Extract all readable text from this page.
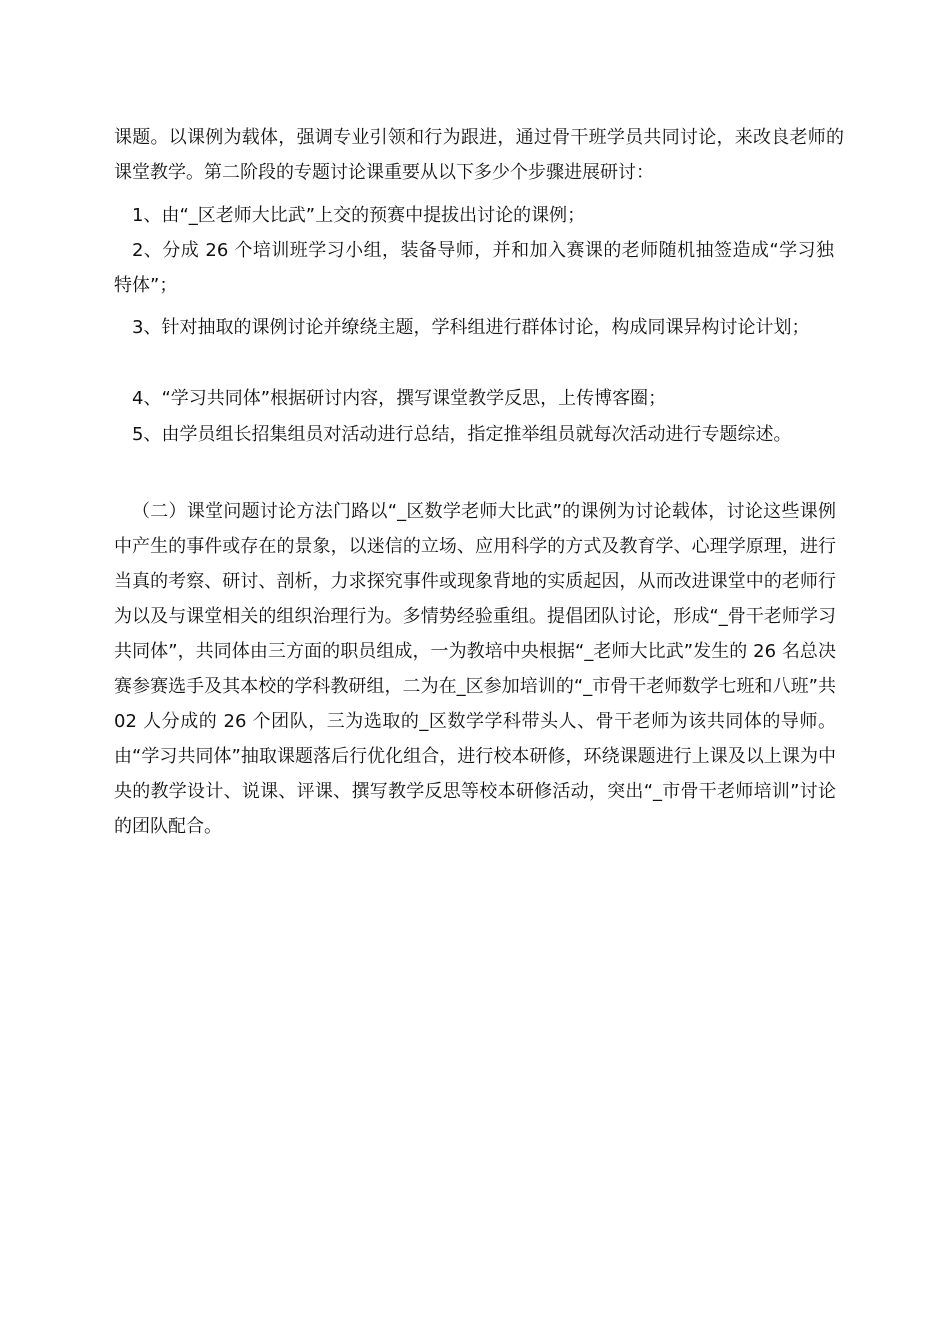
课题。以课例为载体，强调专业引领和行为跟进，通过骨干班学员共同讨论，来改良老师的课堂教学。第二阶段的专题讨论课重要从以下多少个步骤进展研讨：

1、由“_区老师大比武”上交的预赛中提拔出讨论的课例；

2、分成 26 个培训班学习小组，装备导师，并和加入赛课的老师随机抽签造成“学习独特体”；

3、针对抽取的课例讨论并缭绕主题，学科组进行群体讨论，构成同课异构讨论计划；

4、“学习共同体”根据研讨内容，撰写课堂教学反思，上传博客圈；

5、由学员组长招集组员对活动进行总结，指定推举组员就每次活动进行专题综述。

（二）课堂问题讨论方法门路以“_区数学老师大比武”的课例为讨论载体，讨论这些课例中产生的事件或存在的景象，以迷信的立场、应用科学的方式及教育学、心理学原理，进行当真的考察、研讨、剖析，力求探究事件或现象背地的实质起因，从而改进课堂中的老师行为以及与课堂相关的组织治理行为。多情势经验重组。提倡团队讨论，形成“_骨干老师学习共同体”，共同体由三方面的职员组成，一为教培中央根据“_老师大比武”发生的 26 名总决赛参赛选手及其本校的学科教研组，二为在_区参加培训的“_市骨干老师数学七班和八班”共 02 人分成的 26 个团队，三为选取的_区数学学科带头人、骨干老师为该共同体的导师。由“学习共同体”抽取课题落后行优化组合，进行校本研修，环绕课题进行上课及以上课为中央的教学设计、说课、评课、撰写教学反思等校本研修活动，突出“_市骨干老师培训”讨论的团队配合。
